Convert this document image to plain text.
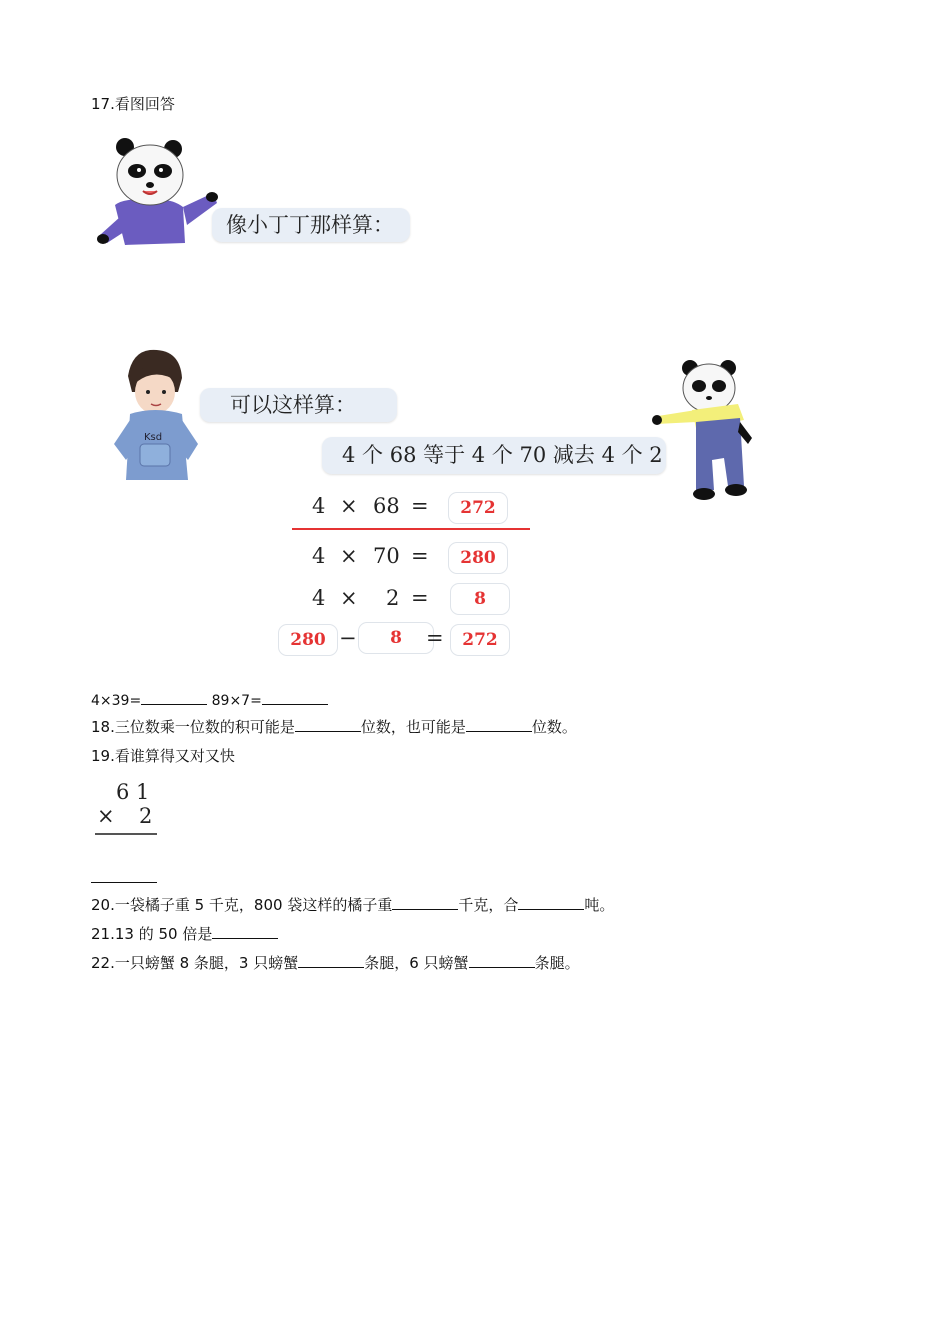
17.看图回答
像小丁丁那样算：
Ksd
可以这样算：
4 个 68 等于 4 个 70 减去 4 个 2
4 × 68 =	272
4 × 70 =	280
4 × 2 =	8
280 −	8	=	272
4×39=	89×7=
18.三位数乘一位数的积可能是	位数，也可能是	位数。
19.看谁算得又对又快
6 1
× 2
20.一袋橘子重 5 千克，800 袋这样的橘子重	千克，合	吨。
21.13 的 50 倍是
22.一只螃蟹 8 条腿，3 只螃蟹	条腿，6 只螃蟹	条腿。
